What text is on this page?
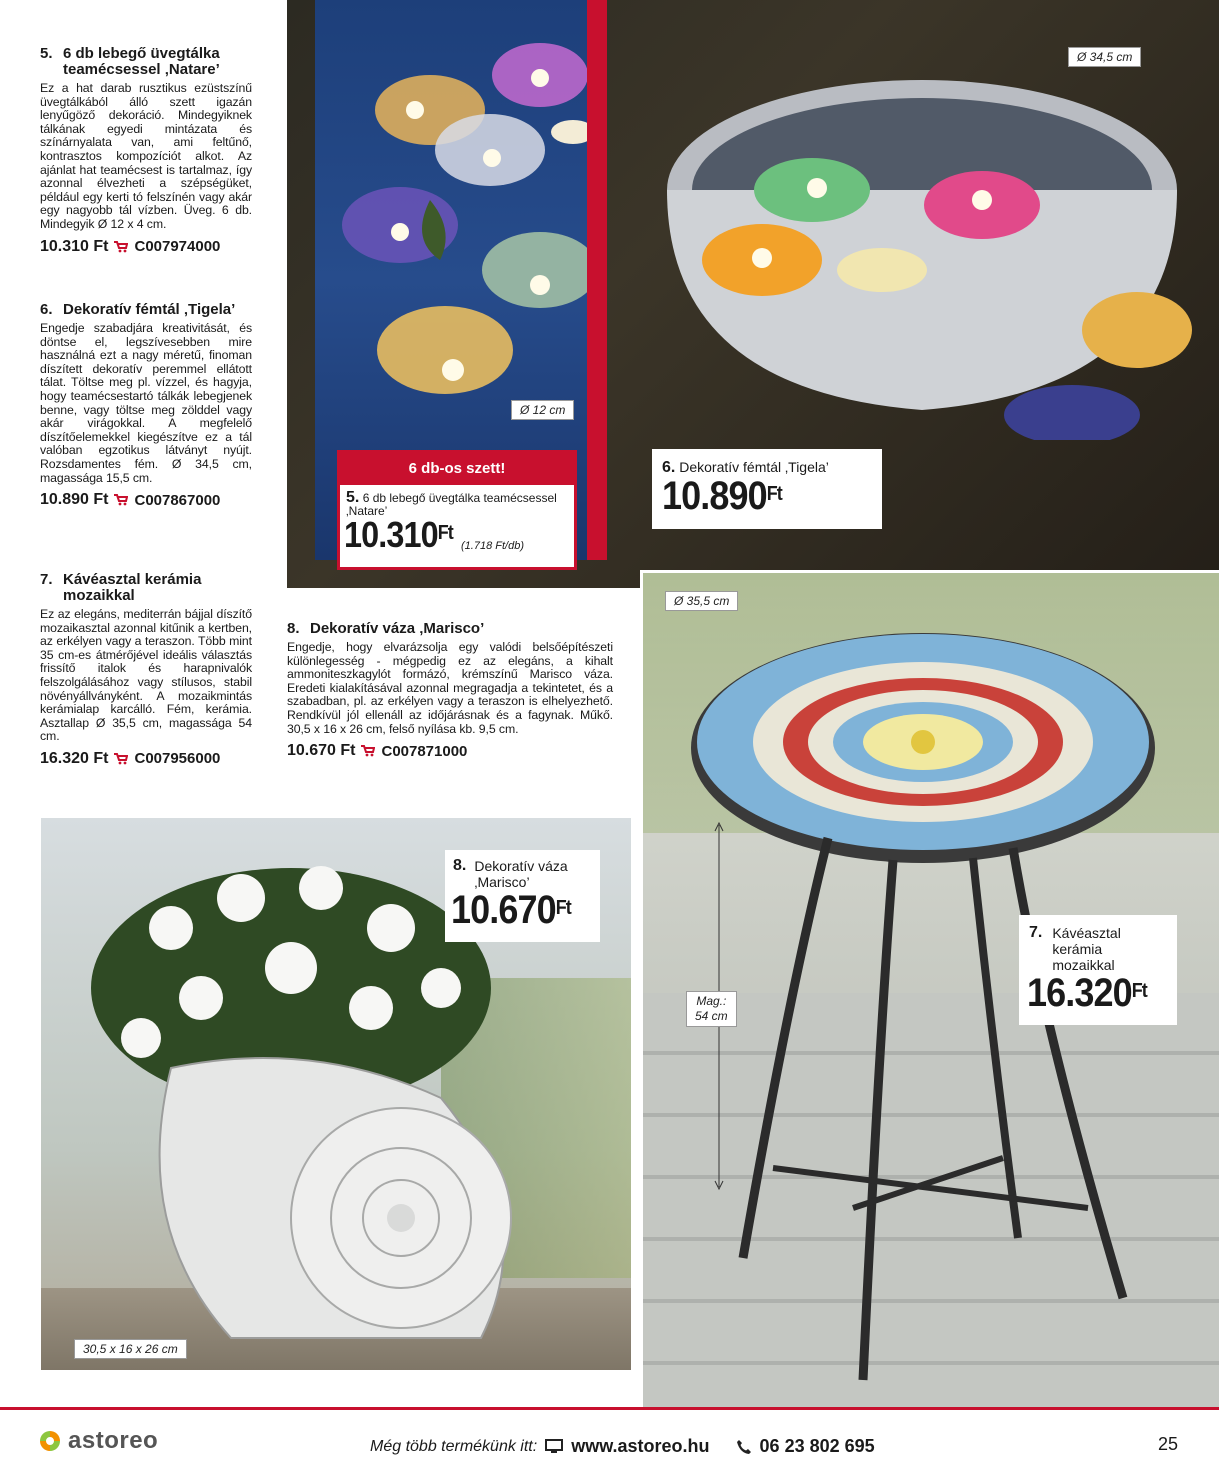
5. 6 db lebegő üvegtálka teamécsessel ‚Natare’

Ez a hat darab rusztikus ezüstszínű üvegtálkából álló szett igazán lenyűgöző dekoráció. Mindegyiknek tálkának egyedi mintázata és színárnyalata van, ami feltűnő, kontrasztos kompozíciót alkot. Az ajánlat hat teamécsest is tartalmaz, így azonnal élvezheti a szépségüket, például egy kerti tó felszínén vagy akár egy nagyobb tál vízben. Üveg. 6 db. Mindegyik Ø 12 x 4 cm.

10.310 Ft C007974000
6. Dekoratív fémtál ‚Tigela’

Engedje szabadjára kreativitását, és döntse el, legszívesebben mire használná ezt a nagy méretű, finoman díszített dekoratív peremmel ellátott tálat. Töltse meg pl. vízzel, és hagyja, hogy teamécsestartó tálkák lebegjenek benne, vagy töltse meg zölddel vagy akár virágokkal. A megfelelő díszítőelemekkel kiegészítve ez a tál valóban egzotikus látványt nyújt. Rozsdamentes fém. Ø 34,5 cm, magassága 15,5 cm.

10.890 Ft C007867000
7. Kávéasztal kerámia mozaikkal

Ez az elegáns, mediterrán bájjal díszítő mozaikasztal azonnal kitűnik a kertben, az erkélyen vagy a teraszon. Több mint 35 cm-es átmérőjével ideális választás frissítő italok és harapnivalók felszolgálásához vagy stílusos, stabil növényállványként. A mozaikmintás kerámialap karcálló. Fém, kerámia. Asztallap Ø 35,5 cm, magassága 54 cm.

16.320 Ft C007956000
8. Dekoratív váza ‚Marisco’

Engedje, hogy elvarázsolja egy valódi belsőépítészeti különlegesség - mégpedig ez az elegáns, a kihalt ammoniteszkagylót formázó, krémszínű Marisco váza. Eredeti kialakításával azonnal megragadja a tekintetet, és a szabadban, pl. az erkélyen vagy a teraszon is elhelyezhető. Rendkívül jól ellenáll az időjárásnak és a fagynak. Műkő. 30,5 x 16 x 26 cm, felső nyílása kb. 9,5 cm.

10.670 Ft C007871000
Ø 34,5 cm
Ø 12 cm
6 db-os szett!
5. 6 db lebegő üvegtálka teamécsessel ‚Natare’
$10.310^{Ft}$
(1.718 Ft/db)
6. Dekoratív fémtál ‚Tigela’
$10.890^{Ft}$
Ø 35,5 cm
Mag.:
54 cm
7. Kávéasztal
kerámia
mozaikkal
$16.320^{Ft}$
30,5 x 16 x 26 cm
8. Dekoratív váza
‚Marisco’
$10.670^{Ft}$
astoreo	Még több termékünk itt: www.astoreo.hu	06 23 802 695	25
